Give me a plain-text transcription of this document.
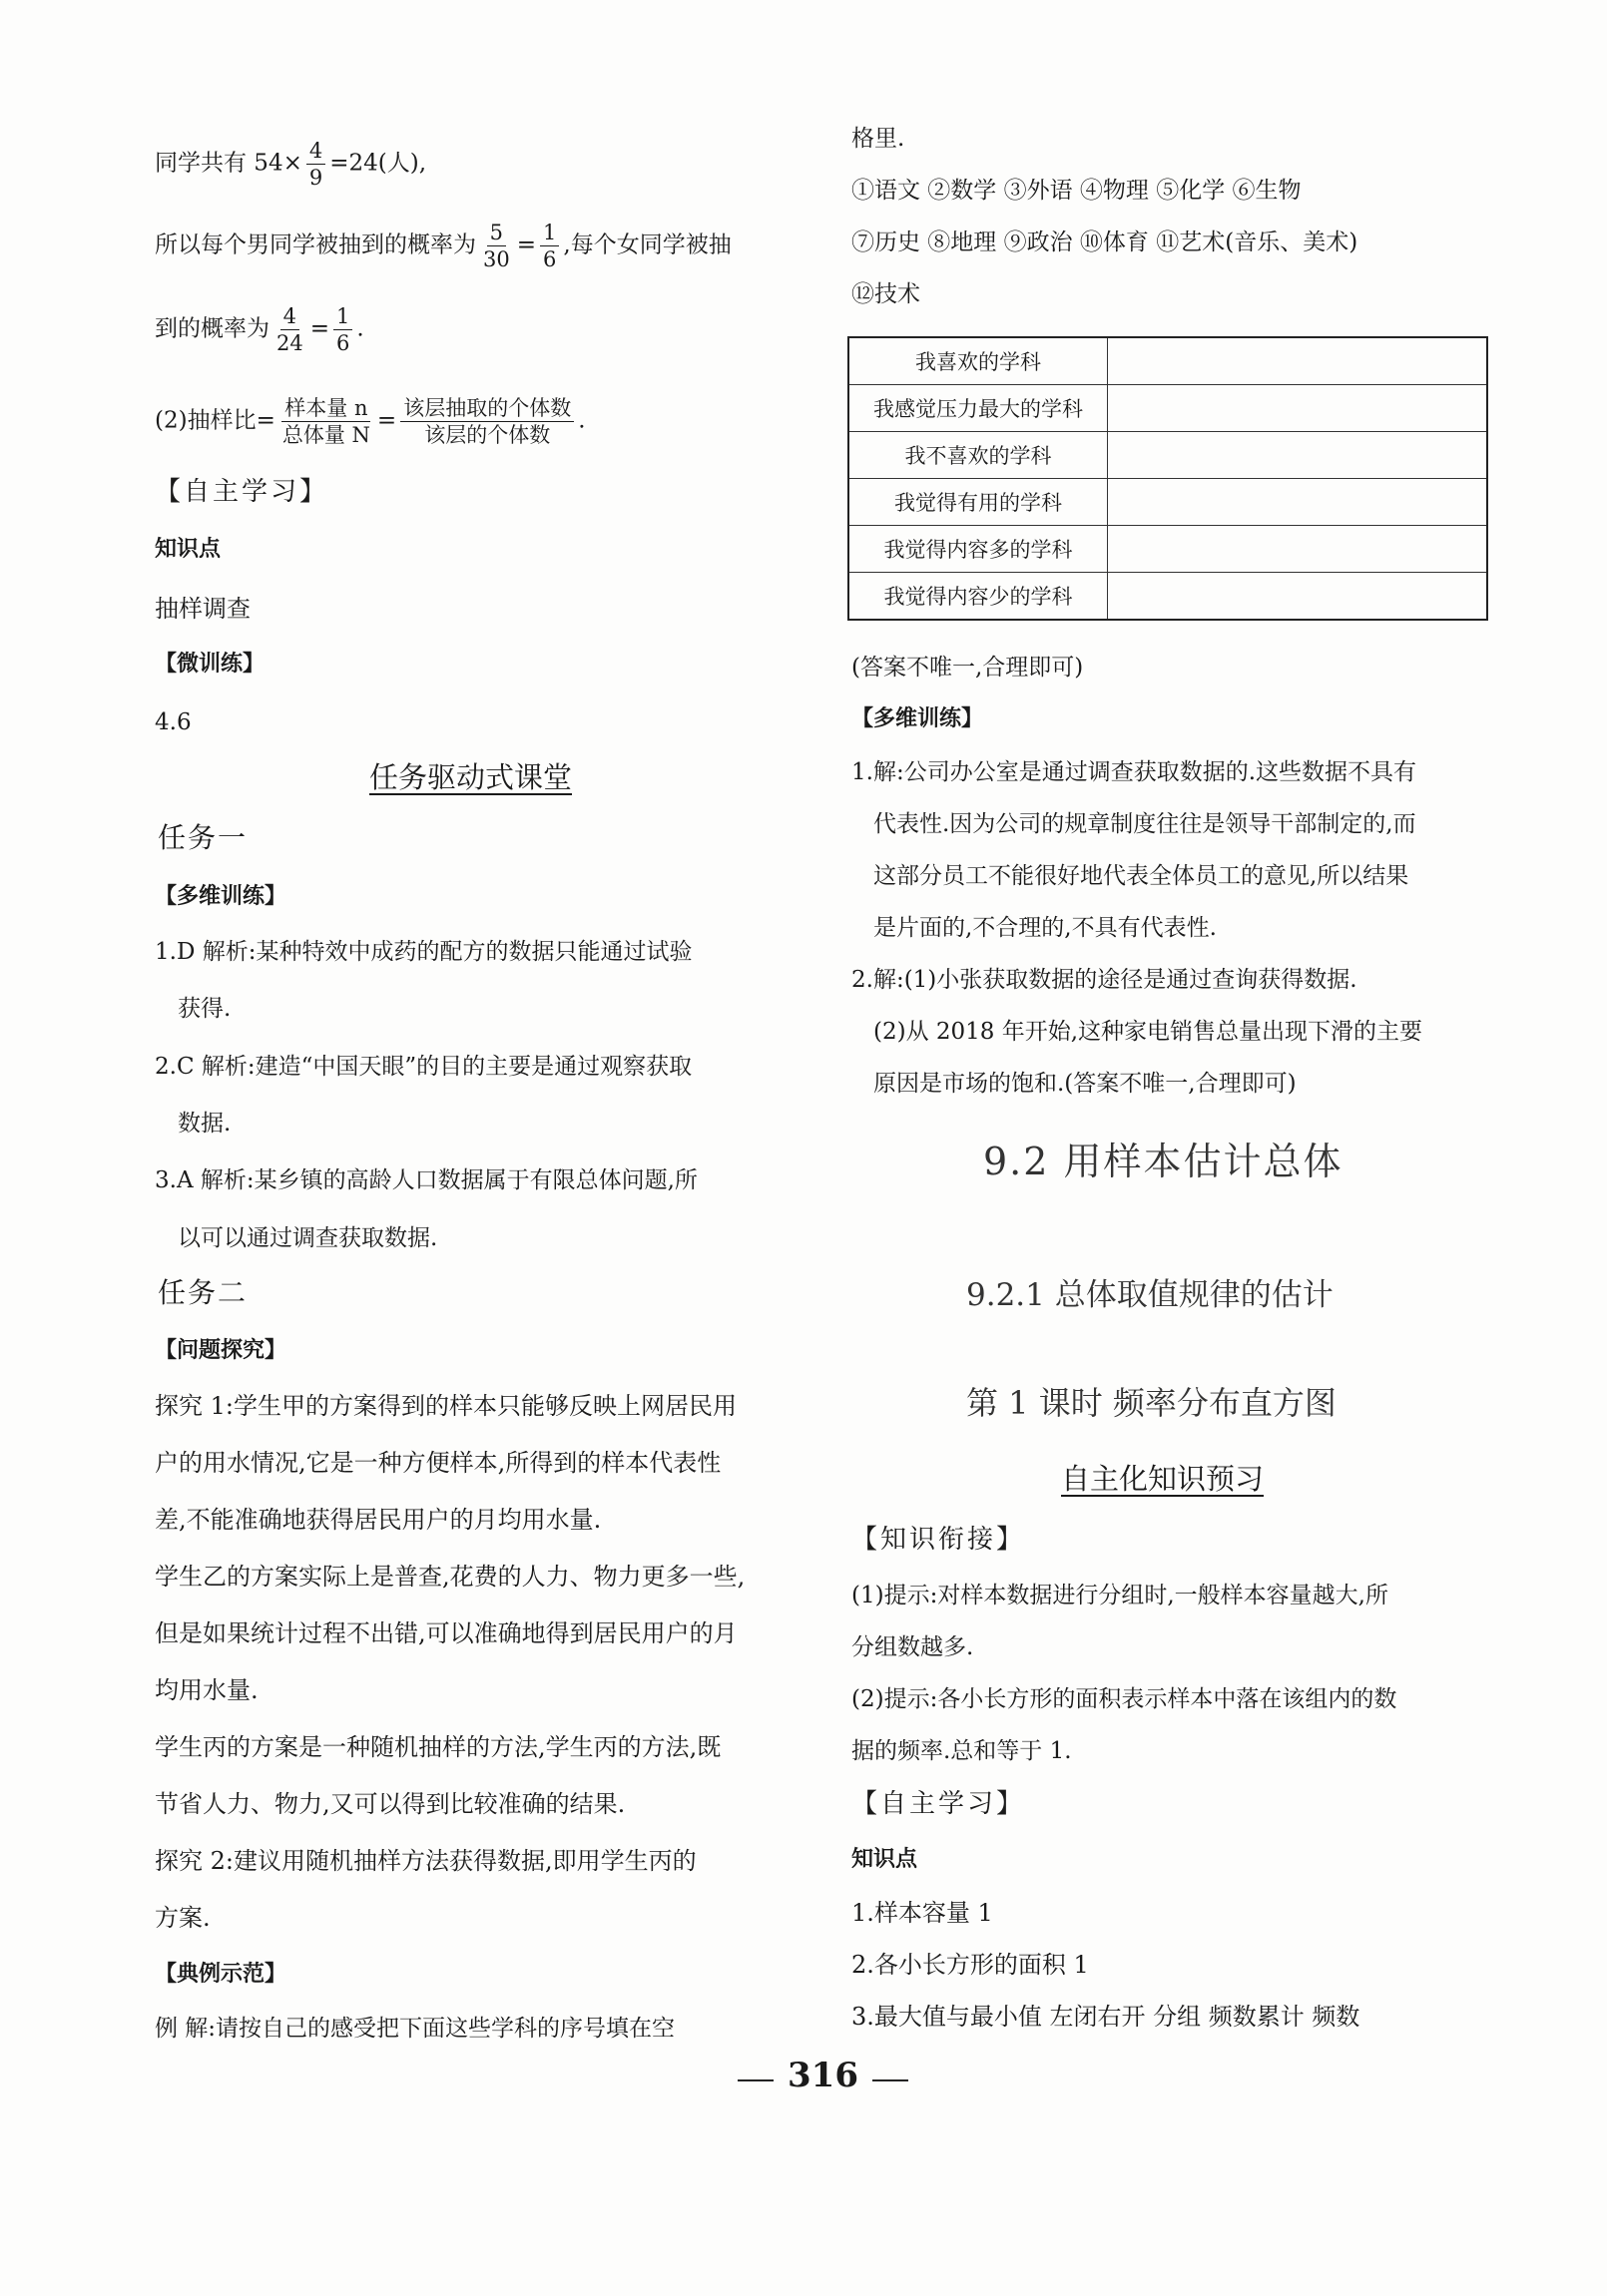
同学共有 $54\times \frac{4}{9} =24$(人),
所以每个男同学被抽到的概率为 $\frac{5}{30} = \frac{1}{6}$ ,每个女同学被抽
到的概率为 $\frac{4}{24} = \frac{1}{6}$ .
(2)抽样比= $\frac{\text{样本量 n}}{\text{总体量 N}} = \frac{\text{该层抽取的个体数}}{\text{该层的个体数}}$ .
【自主学习】
知识点
抽样调查
【微训练】
4.6
任务驱动式课堂
任务一
【多维训练】
1.D 解析:某种特效中成药的配方的数据只能通过试验
获得.
2.C 解析:建造“中国天眼”的目的主要是通过观察获取
数据.
3.A 解析:某乡镇的高龄人口数据属于有限总体问题,所
以可以通过调查获取数据.
任务二
【问题探究】
探究 1:学生甲的方案得到的样本只能够反映上网居民用
户的用水情况,它是一种方便样本,所得到的样本代表性
差,不能准确地获得居民用户的月均用水量.
学生乙的方案实际上是普查,花费的人力、物力更多一些,
但是如果统计过程不出错,可以准确地得到居民用户的月
均用水量.
学生丙的方案是一种随机抽样的方法,学生丙的方法,既
节省人力、物力,又可以得到比较准确的结果.
探究 2:建议用随机抽样方法获得数据,即用学生丙的
方案.
【典例示范】
例 解:请按自己的感受把下面这些学科的序号填在空
格里.
①语文 ②数学 ③外语 ④物理 ⑤化学 ⑥生物
⑦历史 ⑧地理 ⑨政治 ⑩体育 ⑪艺术(音乐、美术)
⑫技术
我喜欢的学科	
我感觉压力最大的学科	
我不喜欢的学科	
我觉得有用的学科	
我觉得内容多的学科	
我觉得内容少的学科	
(答案不唯一,合理即可)
【多维训练】
1.解:公司办公室是通过调查获取数据的.这些数据不具有
代表性.因为公司的规章制度往往是领导干部制定的,而
这部分员工不能很好地代表全体员工的意见,所以结果
是片面的,不合理的,不具有代表性.
2.解:(1)小张获取数据的途径是通过查询获得数据.
(2)从 2018 年开始,这种家电销售总量出现下滑的主要
原因是市场的饱和.(答案不唯一,合理即可)
9.2 用样本估计总体
9.2.1 总体取值规律的估计
第 1 课时 频率分布直方图
自主化知识预习
【知识衔接】
(1)提示:对样本数据进行分组时,一般样本容量越大,所
分组数越多.
(2)提示:各小长方形的面积表示样本中落在该组内的数
据的频率.总和等于 1.
【自主学习】
知识点
1.样本容量 1
2.各小长方形的面积 1
3.最大值与最小值 左闭右开 分组 频数累计 频数
316
